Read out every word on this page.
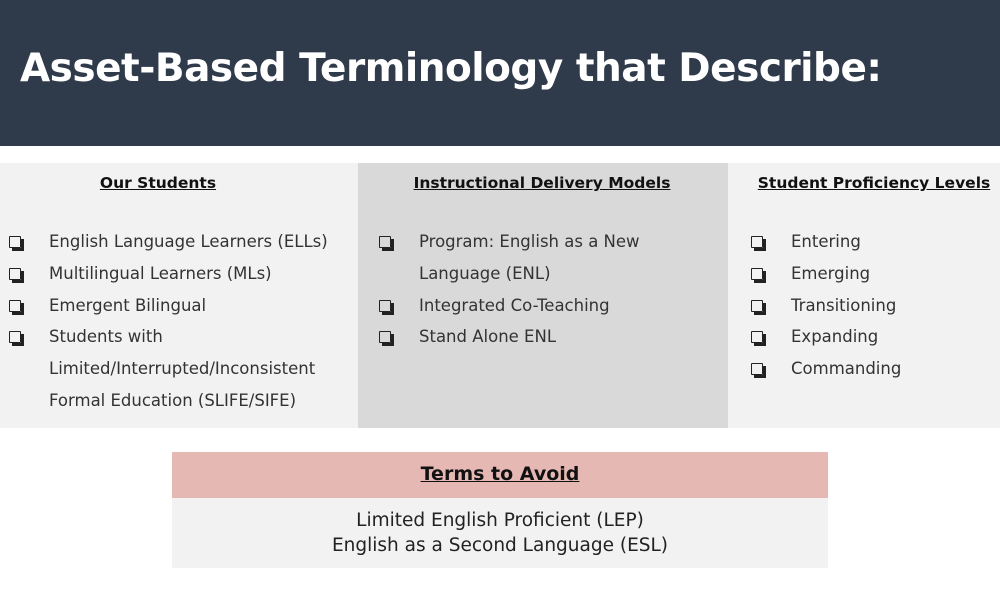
Asset-Based Terminology that Describe:
Our Students
English Language Learners (ELLs)
Multilingual Learners (MLs)
Emergent Bilingual
Students with Limited/Interrupted/Inconsistent Formal Education (SLIFE/SIFE)
Instructional Delivery Models
Program: English as a New Language (ENL)
Integrated Co-Teaching
Stand Alone ENL
Student Proficiency Levels
Entering
Emerging
Transitioning
Expanding
Commanding
Terms to Avoid
Limited English Proficient (LEP)
English as a Second Language (ESL)
